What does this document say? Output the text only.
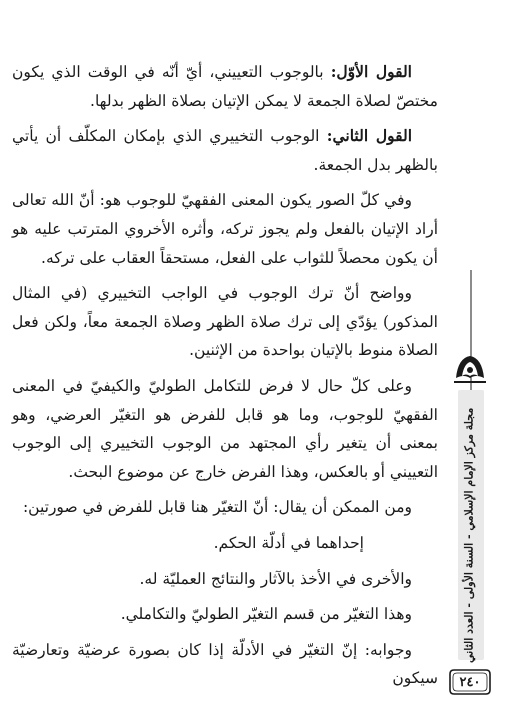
القول الأوّل: بالوجوب التعييني، أيّ أنّه في الوقت الذي يكون مختصّ لصلاة الجمعة لا يمكن الإتيان بصلاة الظهر بدلها.

القول الثاني: الوجوب التخييري الذي بإمكان المكلّف أن يأتي بالظهر بدل الجمعة.

وفي كلّ الصور يكون المعنى الفقهيّ للوجوب هو: أنّ الله تعالى أراد الإتيان بالفعل ولم يجوز تركه، وأثره الأخروي المترتب عليه هو أن يكون محصلاً للثواب على الفعل، مستحقاً العقاب على تركه.

وواضح أنّ ترك الوجوب في الواجب التخييري (في المثال المذكور) يؤدّي إلى ترك صلاة الظهر وصلاة الجمعة معاً، ولكن فعل الصلاة منوط بالإتيان بواحدة من الإثنين.

وعلى كلّ حال لا فرض للتكامل الطوليّ والكيفيّ في المعنى الفقهيّ للوجوب، وما هو قابل للفرض هو التغيّر العرضي، وهو بمعنى أن يتغير رأي المجتهد من الوجوب التخييري إلى الوجوب التعييني أو بالعكس، وهذا الفرض خارج عن موضوع البحث.

ومن الممكن أن يقال: أنّ التغيّر هنا قابل للفرض في صورتين:

إحداهما في أدلّة الحكم.

والأخرى في الأخذ بالآثار والنتائج العمليّة له.

وهذا التغيّر من قسم التغيّر الطوليّ والتكاملي.

وجوابه: إنّ التغيّر في الأدلّة إذا كان بصورة عرضيّة وتعارضيّة سيكون

مجلة مركز الإمام الإسلامي - السنة الأولى - العدد الثاني
٢٤٠
